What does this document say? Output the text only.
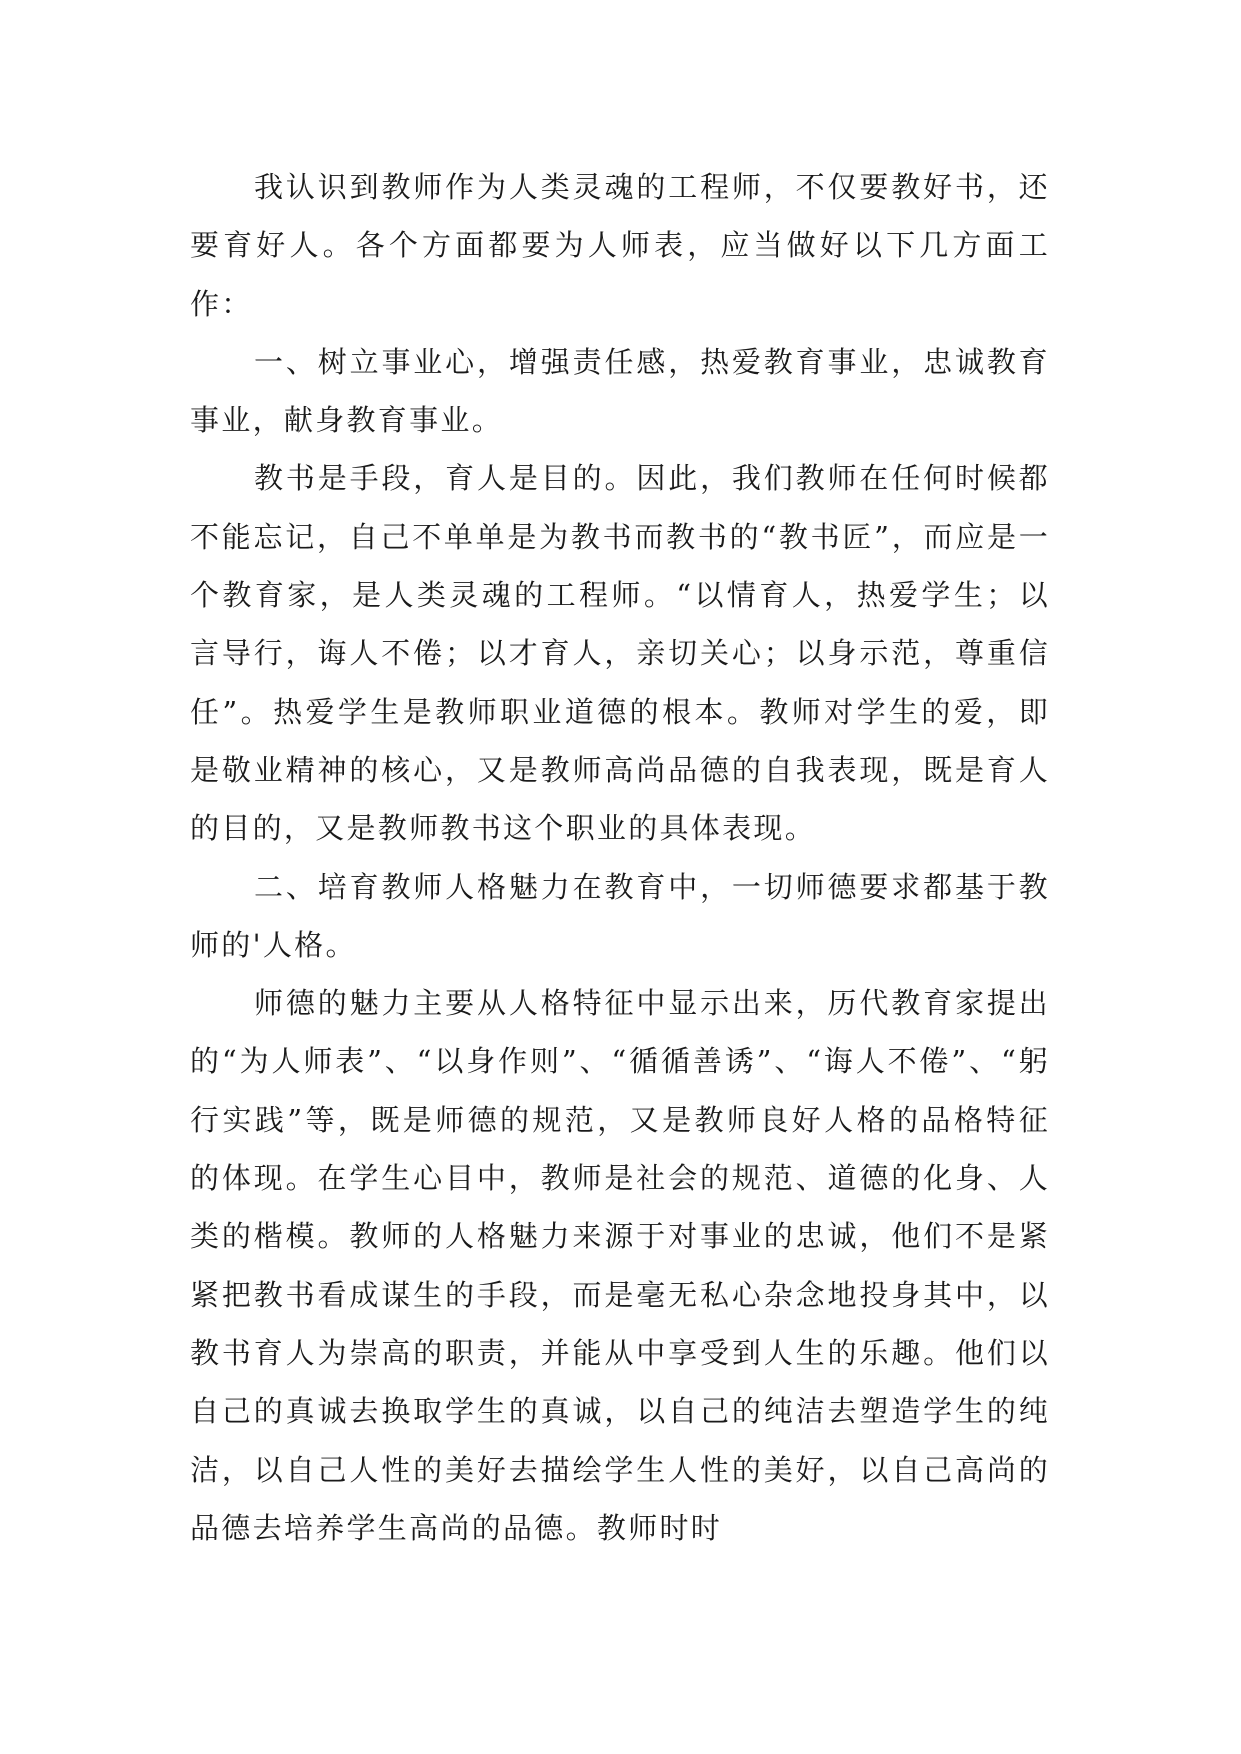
我认识到教师作为人类灵魂的工程师，不仅要教好书，还要育好人。各个方面都要为人师表，应当做好以下几方面工作：

一、树立事业心，增强责任感，热爱教育事业，忠诚教育事业，献身教育事业。

教书是手段，育人是目的。因此，我们教师在任何时候都不能忘记，自己不单单是为教书而教书的“教书匠”，而应是一个教育家，是人类灵魂的工程师。“以情育人，热爱学生；以言导行，诲人不倦；以才育人，亲切关心；以身示范，尊重信任”。热爱学生是教师职业道德的根本。教师对学生的爱，即是敬业精神的核心，又是教师高尚品德的自我表现，既是育人的目的，又是教师教书这个职业的具体表现。

二、培育教师人格魅力在教育中，一切师德要求都基于教师的'人格。

师德的魅力主要从人格特征中显示出来，历代教育家提出的“为人师表”、“以身作则”、“循循善诱”、“诲人不倦”、“躬行实践”等，既是师德的规范，又是教师良好人格的品格特征的体现。在学生心目中，教师是社会的规范、道德的化身、人类的楷模。教师的人格魅力来源于对事业的忠诚，他们不是紧紧把教书看成谋生的手段，而是毫无私心杂念地投身其中，以教书育人为崇高的职责，并能从中享受到人生的乐趣。他们以自己的真诚去换取学生的真诚，以自己的纯洁去塑造学生的纯洁，以自己人性的美好去描绘学生人性的美好，以自己高尚的品德去培养学生高尚的品德。教师时时
